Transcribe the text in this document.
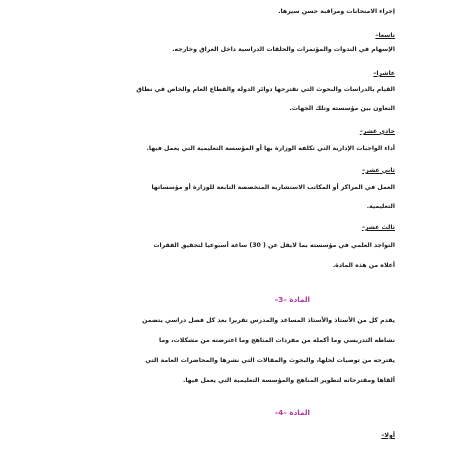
إجراء الامتحانات ومراقبة حسن سيرها.

تاسعا–

الإسهام في الندوات والمؤتمرات والحلقات الدراسية داخل العراق وخارجه.

عاشرا–

القيام بالدراسات والبحوث التي تقترحها دوائر الدولة والقطاع العام والخاص في نطاق

التعاون بين مؤسسته وتلك الجهات.

حادي عشر–

أداء الواجبات الإدارية التي تكلفه الوزارة بها أو المؤسسة التعليمية التي يعمل فيها.

ثاني عشر–

العمل في المراكز أو المكاتب الاستشارية المتخصصة التابعة للوزارة أو مؤسساتها

التعليمية.

ثالث عشر–

التواجد العلمي في مؤسسته بما لايقل عن ( 30) ساعة أسبوعيا لتحقيق الفقرات

أعلاه من هذه المادة.

المادة –3–

يقدم كل من الأستاذ والأستاذ المساعد والمدرس تقريرا بعد كل فصل دراسي يتضمن

نشاطه التدريسي وما أكمله من مفردات المناهج وما اعترضته من مشكلات، وما

يقترحه من توصيات لحلها، والبحوث والمقالات التي نشرها والمحاضرات العامة التي

ألقاها ومقترحاته لتطوير المناهج والمؤسسة التعليمية التي يعمل فيها.

المادة –4–

أولا–
